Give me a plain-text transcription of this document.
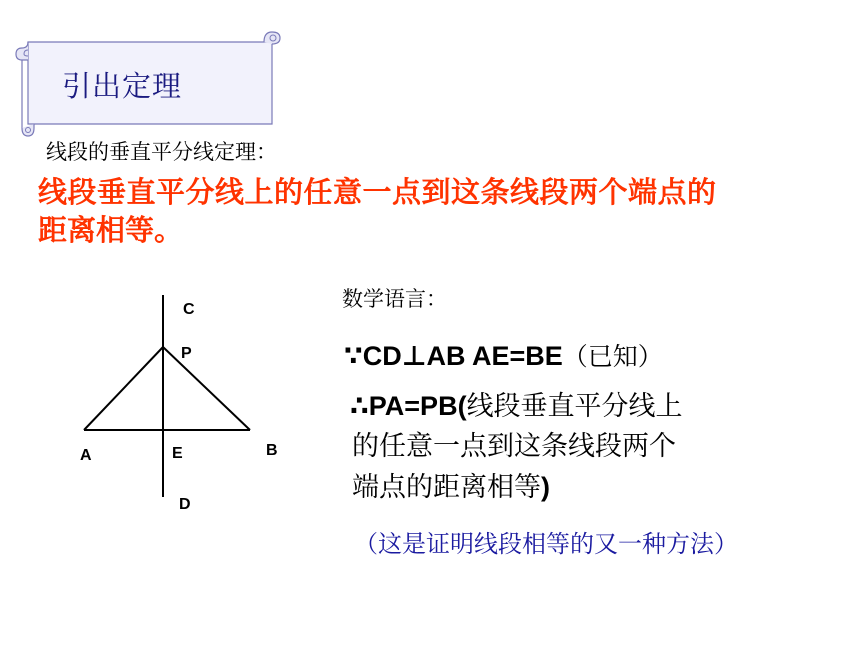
引出定理
线段的垂直平分线定理：
线段垂直平分线上的任意一点到这条线段两个端点的
距离相等。
C
P
A	E	B
D
数学语言：
∵CD⊥AB AE=BE（已知）
∴PA=PB(线段垂直平分线上
的任意一点到这条线段两个
端点的距离相等)
（这是证明线段相等的又一种方法）
